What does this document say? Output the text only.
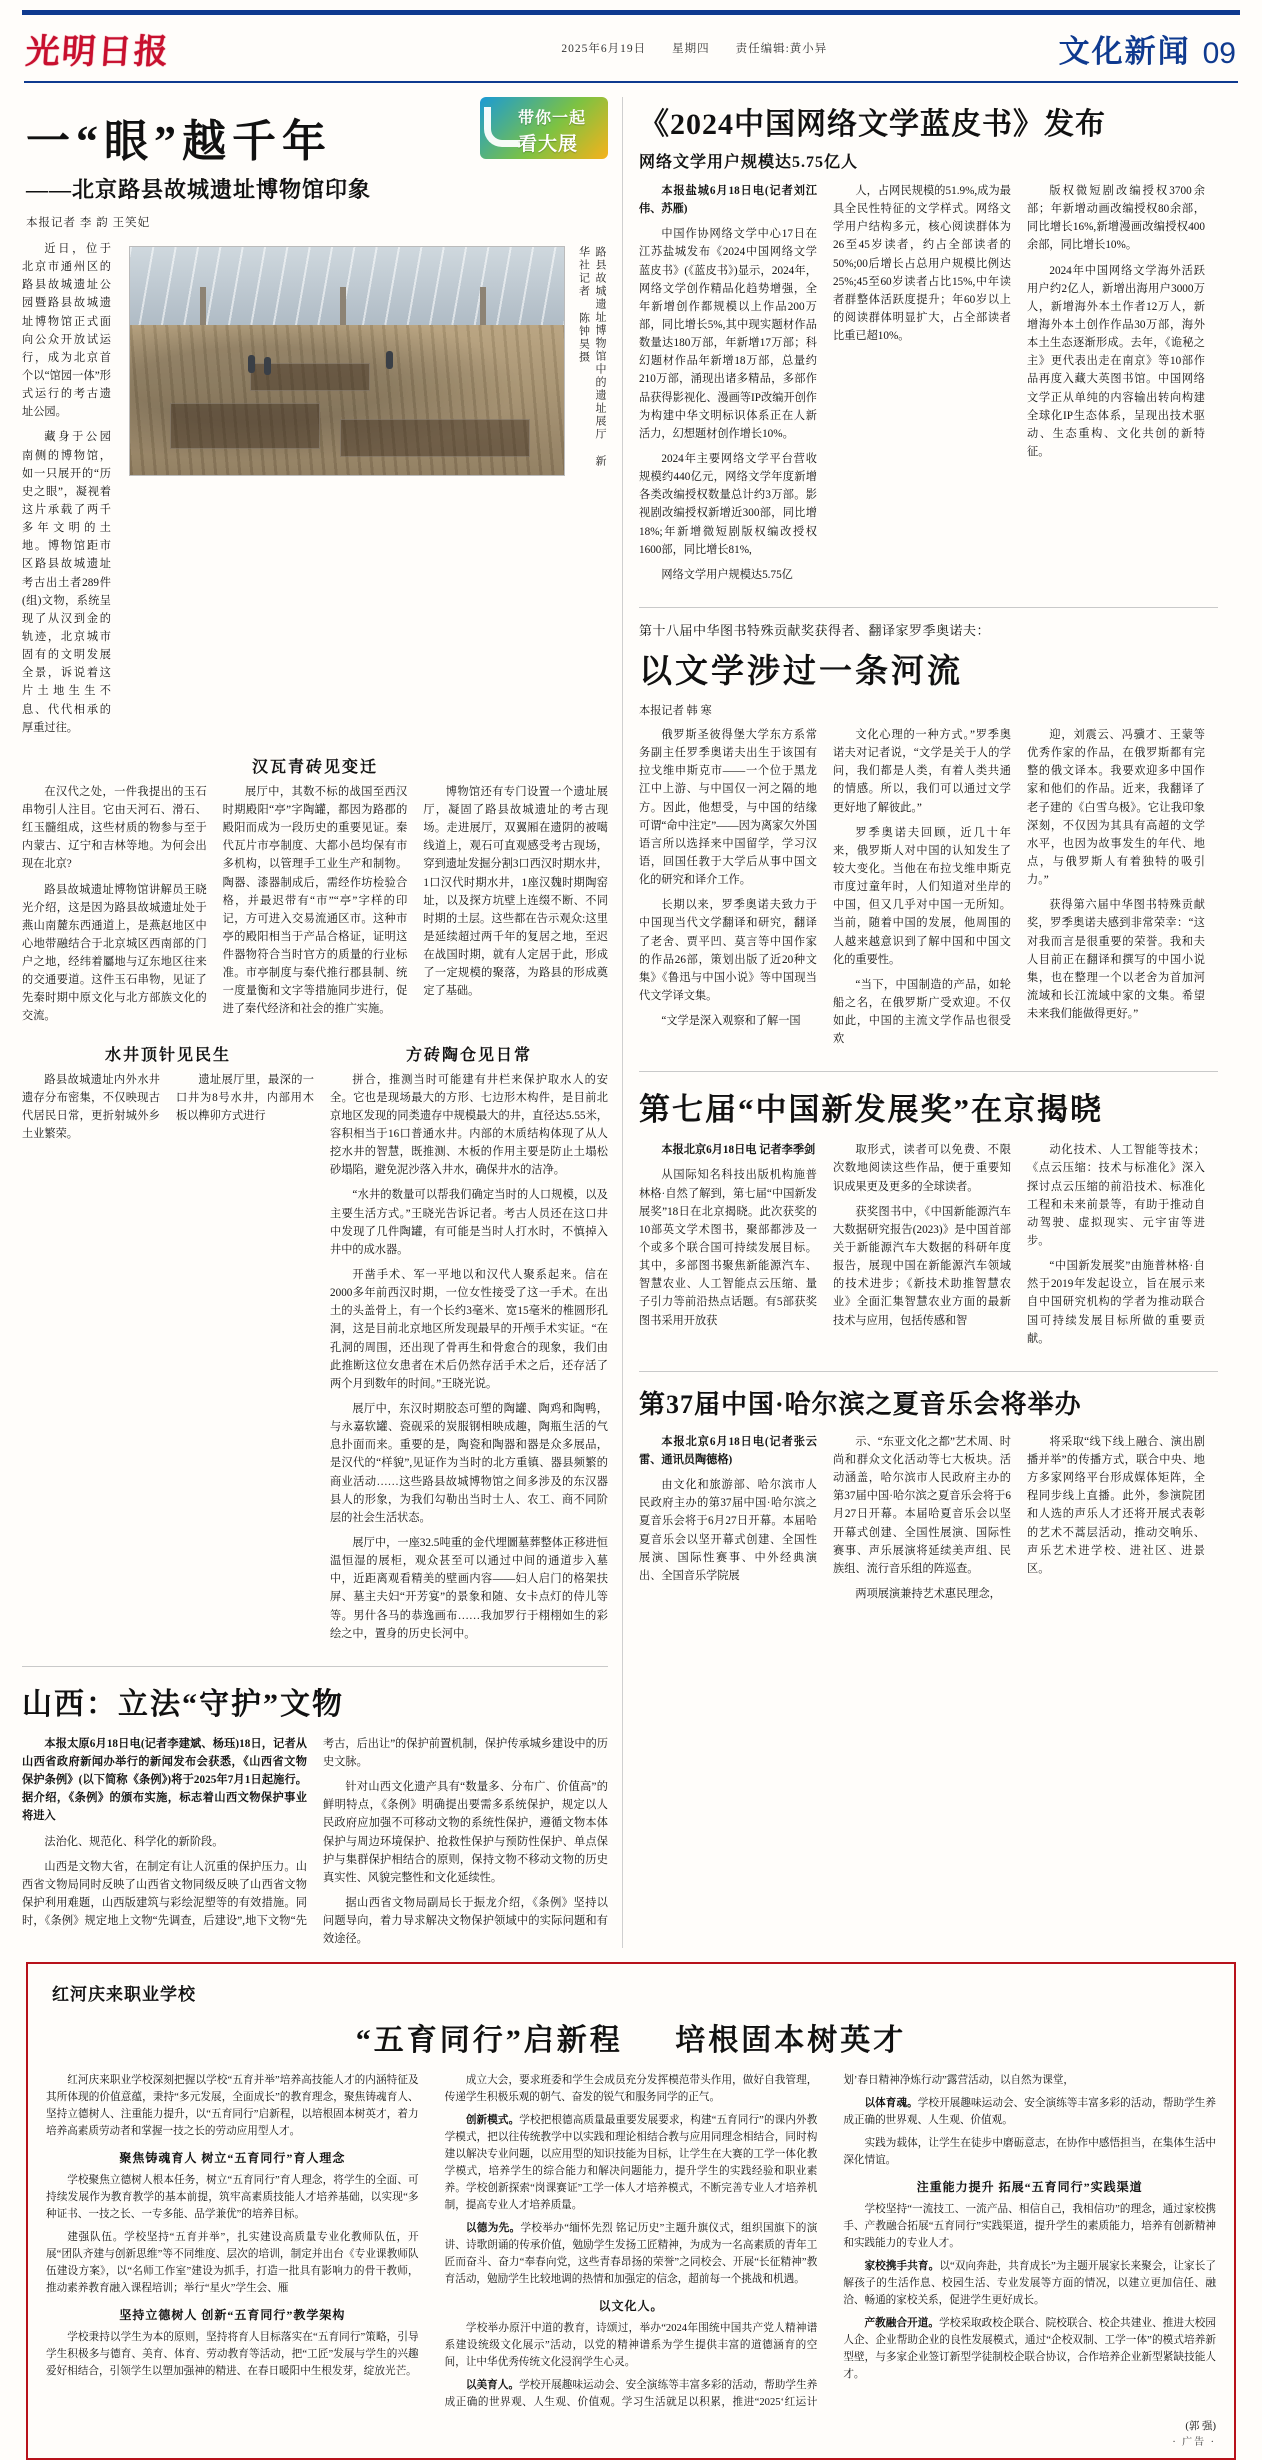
光明日报	2025年6月19日 星期四 责任编辑:黄小异	文化新闻 09
一“眼”越千年
——北京路县故城遗址博物馆印象
本报记者 李 韵 王笑妃
带你一起
看大展

近日，位于北京市通州区的路县故城遗址公园暨路县故城遗址博物馆正式面向公众开放试运行，成为北京首个以“馆园一体”形式运行的考古遗址公园。

藏身于公园南侧的博物馆，如一只展开的“历史之眼”，凝视着这片承载了两千多年文明的土地。博物馆距市区路县故城遗址考古出土者289件(组)文物，系统呈现了从汉到金的轨迹，北京城市固有的文明发展全景，诉说着这片土地生生不息、代代相承的厚重过往。

路县故城遗址博物馆中的遗址展厅 新华社记者 陈钟昊摄
汉瓦青砖见变迁

在汉代之处，一件我提出的玉石串物引人注目。它由天河石、滑石、红玉髓组成，这些材质的物参与至于内蒙古、辽宁和吉林等地。为何会出现在北京?

路县故城遗址博物馆讲解员王晓光介绍，这是因为路县故城遗址处于燕山南麓东西通道上，是燕赵地区中心地带融结合于北京城区西南部的门户之地，经纬着屬地与辽东地区往来的交通要道。这件玉石串物，见证了先秦时期中原文化与北方部族文化的交流。

展厅中，其数不标的战国至西汉时期殿阳“亭”字陶罐，都因为路郡的殿阳而成为一段历史的重要见证。秦代瓦片市亭制度、大都小邑均保有市多机构，以管理手工业生产和制物。陶器、漆器制成后，需经作坊检验合格，并最迟带有“市”“亭”字样的印记，方可进入交易流通区市。这种市亭的殿阳相当于产品合格证，证明这件器物符合当时官方的质量的行业标准。市亭制度与秦代推行郡县制、统一度量衡和文字等措施同步进行，促进了秦代经济和社会的推广实施。

博物馆还有专门设置一个遗址展厅，凝固了路县故城遗址的考古现场。走进展厅，双翼厢在遗阴的被噶线道上，观石可直观感受考古现场，穿到遗址发掘分割3口西汉时期水井，1口汉代时期水井，1座汉魏时期陶窑址，以及探方坑壁上连缀不断、不同时期的土层。这些都在告示观众:这里是延续超过两千年的复居之地，至迟在战国时期，就有人定居于此，形成了一定规模的聚落，为路县的形成奠定了基础。

水井顶针见民生

路县故城遗址内外水井遗存分布密集，不仅映现古代居民日常，更折射城外乡土业繁荣。

遗址展厅里，最深的一口井为8号水井，内部用木板以榫卯方式进行

方砖陶仓见日常

拼合，推测当时可能建有井栏来保护取水人的安全。它也是现场最大的方形、七边形木构件，是目前北京地区发现的同类遗存中规模最大的井，直径达5.55米，容积相当于16口普通水井。内部的木质结构体现了从人挖水井的智慧，既推测、木板的作用主要是防止土塌松砂塌陷，避免泥沙落入井水，确保井水的洁净。

“水井的数量可以帮我们确定当时的人口规模，以及主要生活方式。”王晓光告诉记者。考古人员还在这口井中发现了几件陶罐，有可能是当时人打水时，不慎掉入井中的成水器。

开凿手术、军一平地以和汉代人聚系起来。信在2000多年前西汉时期，一位女性接受了这一手术。在出土的头盖骨上，有一个长约3毫米、宽15毫米的椎圆形孔洞，这是目前北京地区所发现最早的开颅手术实证。“在孔洞的周围，还出现了骨再生和骨愈合的现象，我们由此推断这位女患者在术后仍然存活手术之后，还存活了两个月到数年的时间。”王晓光说。

展厅中，东汉时期胶态可塑的陶罐、陶鸡和陶鸭，与永嘉软罐、瓷砚采的炭服钢相映成趣，陶瓶生活的气息扑面而来。重要的是，陶瓷和陶器和器是众多展品，是汉代的“样貌”,见证作为当时的北方重镇、器县频繁的商业活动……这些路县故城博物馆之间多涉及的东汉器县人的形象，为我们勾勒出当时士人、农工、商不同阶层的社会生活状态。

展厅中，一座32.5吨重的金代埋圖墓葬整体正移进恒温恒湿的展柜，观众甚至可以通过中间的通道步入墓中，近距离观看精美的壁画内容——妇人启门的格架扶屏、墓主夫妇“开芳宴”的景象和随、女卡点灯的侍儿等等。男什各马的恭逸画布……我加罗行于栩栩如生的彩绘之中，置身的历史长河中。

山西：立法“守护”文物

本报太原6月18日电(记者李建斌、杨珏)18日，记者从山西省政府新闻办举行的新闻发布会获悉，《山西省文物保护条例》(以下简称《条例》)将于2025年7月1日起施行。据介绍，《条例》的颁布实施，标志着山西文物保护事业将进入

法治化、规范化、科学化的新阶段。

山西是文物大省，在制定有让人沉重的保护压力。山西省文物局同时反映了山西省文物同级反映了山西省文物保护利用难题，山西版建筑与彩绘泥塑等的有效措施。同时，《条例》规定地上文物“先调查，后建设”,地下文物“先考古，后出让”的保护前置机制，保护传承城乡建设中的历史文脉。

针对山西文化遗产具有“数量多、分布广、价值高”的鲜明特点，《条例》明确提出要需多系统保护，规定以人民政府应加强不可移动文物的系统性保护，遵循文物本体保护与周边环境保护、抢救性保护与预防性保护、单点保护与集群保护相结合的原则，保持文物不移动文物的历史真实性、风貌完整性和文化延续性。

据山西省文物局副局长于振龙介绍，《条例》坚持以问题导向，着力导求解决文物保护领域中的实际问题和有效途径。

《2024中国网络文学蓝皮书》发布
网络文学用户规模达5.75亿人

本报盐城6月18日电(记者刘江伟、苏雁)

中国作协网络文学中心17日在江苏盐城发布《2024中国网络文学蓝皮书》(《蓝皮书》)显示，2024年，网络文学创作精品化趋势增强，全年新增创作都规模以上作品200万部，同比增长5%,其中现实题材作品数量达180万部，年新增17万部；科幻题材作品年新增18万部，总量约210万部，涌现出诸多精品，多部作品获得影视化、漫画等IP改编开创作为构建中华文明标识体系正在人新活力，幻想题材创作增长10%。

2024年主要网络文学平台营收规模约440亿元，网络文学年度新增各类改编授权数量总计约3万部。影视剧改编授权新增近300部，同比增18%;年新增微短剧版权编改授权1600部，同比增长81%,

网络文学用户规模达5.75亿

人，占网民规模的51.9%,成为最具全民性特征的文学样式。网络文学用户结构多元，核心阅读群体为26至45岁读者，约占全部读者的50%;00后增长占总用户规模比例达25%;45至60岁读者占比15%,中年读者群整体活跃度提升；年60岁以上的阅读群体明显扩大，占全部读者比重已超10%。

版权微短剧改编授权3700余部；年新增动画改编授权80余部，同比增长16%,新增漫画改编授权400余部，同比增长10%。

2024年中国网络文学海外活跃用户约2亿人，新增出海用户3000万人，新增海外本土作者12万人，新增海外本土创作作品30万部，海外本土生态逐渐形成。去年，《诡秘之主》更代表出走在南京》等10部作品再度入藏大英图书馆。中国网络文学正从单纯的内容输出转向构建全球化IP生态体系，呈现出技术驱动、生态重构、文化共创的新特征。

第十八届中华图书特殊贡献奖获得者、翻译家罗季奥诺夫：
以文学涉过一条河流
本报记者 韩 寒

俄罗斯圣彼得堡大学东方系常务副主任罗季奥诺夫出生于该国有拉戈维申斯克市——一个位于黑龙江中上游、与中国仅一河之隔的地方。因此，他想受，与中国的结缘可谓“命中注定”——因为离家欠外国语言所以选择来中国留学，学习汉语，回国任教于大学后从事中国文化的研究和译介工作。

长期以来，罗季奥诺夫致力于中国现当代文学翻译和研究，翻译了老舍、贾平凹、莫言等中国作家的作品26部，策划出版了近20种文集》《鲁迅与中国小说》等中国现当代文学译文集。

“文学是深入观察和了解一国

文化心理的一种方式。”罗季奥诺夫对记者说，“文学是关于人的学问，我们都是人类，有着人类共通的情感。所以，我们可以通过文学更好地了解彼此。”

罗季奥诺夫回顾，近几十年来，俄罗斯人对中国的认知发生了较大变化。当他在布拉戈维申斯克市度过童年时，人们知道对坐岸的中国，但又几乎对中国一无所知。当前，随着中国的发展，他周围的人越来越意识到了解中国和中国文化的重要性。

“当下，中国制造的产品，如轮船之名，在俄罗斯广受欢迎。不仅如此，中国的主流文学作品也很受欢

迎，刘震云、冯骥才、王蒙等优秀作家的作品，在俄罗斯都有完整的俄文译本。我要欢迎多中国作家和他们的作品。近来，我翻译了老子建的《白雪乌极》。它让我印象深刻，不仅因为其具有高超的文学水平，也因为故事发生的年代、地点，与俄罗斯人有着独特的吸引力。”

获得第六届中华图书特殊贡献奖，罗季奥诺夫感到非常荣幸：“这对我而言是很重要的荣誉。我和夫人目前正在翻译和撰写的中国小说集，也在整理一个以老舍为首加河流域和长江流域中家的文集。希望未来我们能做得更好。”

第七届“中国新发展奖”在京揭晓

本报北京6月18日电 记者李季剑

从国际知名科技出版机构施普林格·自然了解到，第七届“中国新发展奖”18日在北京揭晓。此次获奖的10部英文学术图书，聚部都涉及一个或多个联合国可持续发展目标。其中，多部图书聚焦新能源汽车、智慧农业、人工智能点云压缩、量子引力等前沿热点话题。有5部获奖图书采用开放获

取形式，读者可以免费、不限次数地阅读这些作品，便于重要知识成果更及更多的全球读者。

获奖图书中，《中国新能源汽车大数据研究报告(2023)》是中国首部关于新能源汽车大数据的科研年度报告，展现中国在新能源汽车领域的技术进步；《新技术助推智慧农业》全面汇集智慧农业方面的最新技术与应用，包括传感和智

动化技术、人工智能等技术；《点云压缩：技术与标准化》深入探讨点云压缩的前沿技术、标准化工程和未来前景等，有助于推动自动驾驶、虚拟现实、元宇宙等进步。

“中国新发展奖”由施普林格·自然于2019年发起设立，旨在展示来自中国研究机构的学者为推动联合国可持续发展目标所做的重要贡献。

第37届中国·哈尔滨之夏音乐会将举办

本报北京6月18日电(记者张云雷、通讯员陶德格)

由文化和旅游部、哈尔滨市人民政府主办的第37届中国·哈尔滨之夏音乐会将于6月27日开幕。本届哈夏音乐会以坚开幕式创建、全国性展演、国际性赛事、中外经典演出、全国音乐学院展

示、“东亚文化之都”艺术周、时尚和群众文化活动等七大板块。活动涵盖，哈尔滨市人民政府主办的第37届中国·哈尔滨之夏音乐会将于6月27日开幕。本届哈夏音乐会以坚开幕式创建、全国性展演、国际性赛事、声乐展演将延续美声组、民族组、流行音乐组的阵巡查。

两项展演兼持艺术惠民理念，

将采取“线下线上融合、演出剧播并举”的传播方式，联合中央、地方多家网络平台形成媒体矩阵，全程同步线上直播。此外，参演院团和人选的声乐人才还将开展式表彰的艺术不蒿层活动，推动交响乐、声乐艺术进学校、进社区、进景区。

红河庆来职业学校
“五育同行”启新程 培根固本树英才

红河庆来职业学校深刻把握以学校“五育并举”培养高技能人才的内涵特征及其所体现的价值意蕴，秉持“多元发展，全面成长”的教育理念，聚焦铸魂育人、坚持立德树人、注重能力提升，以“五育同行”启新程，以培根固本树英才，着力培养高素质劳动者和掌握一技之长的劳动应用型人才。

聚焦铸魂育人 树立“五育同行”育人理念

学校聚焦立德树人根本任务，树立“五育同行”育人理念，将学生的全面、可持续发展作为教育教学的基本前提，筑牢高素质技能人才培养基础，以实现“多种证书、一技之长、一专多能、品学兼优”的培养目标。

建强队伍。学校坚持“五育并举”，扎实建设高质量专业化教师队伍，开展“团队齐建与创新思维”等不同维度、层次的培训，制定并出台《专业课教师队伍建设方案》，以“名师工作室”建设为抓手，打造一批具有影响力的骨干教师，推动素养教育融入课程培训；举行“星火”学生会、雁

坚持立德树人 创新“五育同行”教学架构

学校秉持以学生为本的原则，坚持将育人目标落实在“五育同行”策略，引导学生积极多与德育、美育、体育、劳动教育等活动，把“工匠”发展与学生的兴趣爱好相结合，引领学生以塑加强神的精进、在春日暖阳中生根发芽，绽放光芒。

成立大会，要求班委和学生会成员充分发挥模范带头作用，做好自我管理，传递学生积极乐观的朝气、奋发的锐气和服务同学的正气。

创新模式。学校把根德高质量最重要发展要求，构建“五育同行”的课内外教学模式，把以往传统教学中以实践和理论相结合教与应用同理念相结合，同时构建以解决专业问题，以应用型的知识技能为目标，让学生在大赛的工学一体化教学模式，培养学生的综合能力和解决问题能力，提升学生的实践经验和职业素养。学校创新探索“岗课赛证”工学一体人才培养模式，不断完善专业人才培养机制，提高专业人才培养质量。

以德为先。学校举办“缅怀先烈 铭记历史”主题升旗仪式，组织国旗下的演讲、诗歌朗诵的传承价值，勉励学生发扬工匠精神，为成为一名高素质的青年工匠而奋斗、奋力“奉春向党，这些青春昂扬的荣誉”之同校会、开展“长征精神”教育活动，勉励学生比较地调的热情和加强定的信念，超前每一个挑战和机遇。

以文化人。

学校举办原汗中道的教育，诗颂过，举办“2024年围统中国共产党人精神谱系建设统级文化展示”活动，以党的精神谱系为学生提供丰富的道德涵育的空间，让中华优秀传统文化浸润学生心灵。

以美育人。学校开展趣味运动会、安全演练等丰富多彩的活动，帮助学生养成正确的世界观、人生观、价值观。学习生活就足以积累，推进“2025‘红运计划’春日精神净炼行动”露营活动，以自然为课堂，

以体育魂。学校开展趣味运动会、安全演练等丰富多彩的活动，帮助学生养成正确的世界观、人生观、价值观。

实践为载体，让学生在徒步中磨砺意志，在协作中感悟担当，在集体生活中深化情谊。

注重能力提升 拓展“五育同行”实践渠道

学校坚持“一流技工、一流产品、相信自己，我相信功”的理念，通过家校携手、产教融合拓展“五育同行”实践渠道，提升学生的素质能力，培养有创新精神和实践能力的专业人才。

家校携手共育。以“双向奔赴，共育成长”为主题开展家长来聚会，让家长了解孩子的生活作息、校园生活、专业发展等方面的情况，以建立更加信任、融洽、畅通的家校关系，促进学生更好成长。

产教融合开道。学校采取政校企联合、院校联合、校企共建业、推进大校园人企、企业帮助企业的良性发展模式，通过“企校双制、工学一体”的模式培养新型壁，与多家企业签订新型学徒制校企联合协议，合作培养企业新型紧缺技能人才。

(郭 强)
· 广告 ·
